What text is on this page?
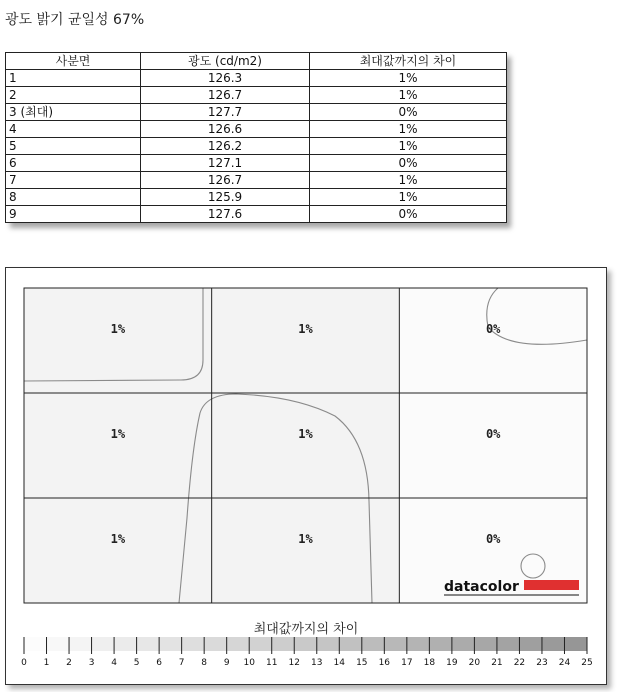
광도 밝기 균일성 67%
사분면	광도 (cd/m2)	최대값까지의 차이
1	126.3	1%
2	126.7	1%
3 (최대)	127.7	0%
4	126.6	1%
5	126.2	1%
6	127.1	0%
7	126.7	1%
8	125.9	1%
9	127.6	0%
1%	1%	0%
1%	1%	0%
1%	1%	0%
datacolor
0 1 2 3 4 5 6 7 8 9 10 11 12 13 14 15 16 17 18 19 20 21 22 23 24 25
최대값까지의 차이
